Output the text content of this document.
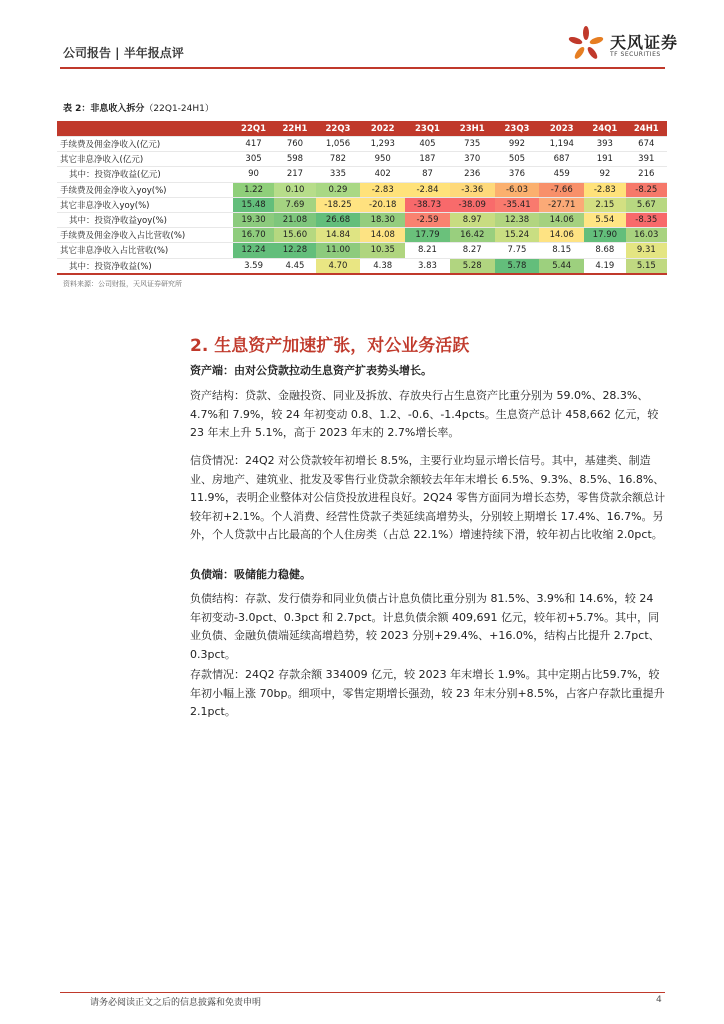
公司报告 | 半年报点评
天风证券
TF SECURITIES
表 2：非息收入拆分（22Q1-24H1）
	22Q1	22H1	22Q3	2022	23Q1	23H1	23Q3	2023	24Q1	24H1
手续费及佣金净收入(亿元)	417	760	1,056	1,293	405	735	992	1,194	393	674
其它非息净收入(亿元)	305	598	782	950	187	370	505	687	191	391
其中：投资净收益(亿元)	90	217	335	402	87	236	376	459	92	216
手续费及佣金净收入yoy(%)	1.22	0.10	0.29	-2.83	-2.84	-3.36	-6.03	-7.66	-2.83	-8.25
其它非息净收入yoy(%)	15.48	7.69	-18.25	-20.18	-38.73	-38.09	-35.41	-27.71	2.15	5.67
其中：投资净收益yoy(%)	19.30	21.08	26.68	18.30	-2.59	8.97	12.38	14.06	5.54	-8.35
手续费及佣金净收入占比营收(%)	16.70	15.60	14.84	14.08	17.79	16.42	15.24	14.06	17.90	16.03
其它非息净收入占比营收(%)	12.24	12.28	11.00	10.35	8.21	8.27	7.75	8.15	8.68	9.31
其中：投资净收益(%)	3.59	4.45	4.70	4.38	3.83	5.28	5.78	5.44	4.19	5.15
资料来源：公司财报，天风证券研究所
2. 生息资产加速扩张，对公业务活跃
资产端：由对公贷款拉动生息资产扩表势头增长。
资产结构：贷款、金融投资、同业及拆放、存放央行占生息资产比重分别为 59.0%、28.3%、4.7%和 7.9%，较 24 年初变动 0.8、1.2、-0.6、-1.4pcts。生息资产总计 458,662 亿元，较 23 年末上升 5.1%，高于 2023 年末的 2.7%增长率。
信贷情况：24Q2 对公贷款较年初增长 8.5%，主要行业均显示增长信号。其中，基建类、制造业、房地产、建筑业、批发及零售行业贷款余额较去年年末增长 6.5%、9.3%、8.5%、16.8%、11.9%，表明企业整体对公信贷投放进程良好。2Q24 零售方面同为增长态势，零售贷款余额总计较年初+2.1%。个人消费、经营性贷款子类延续高增势头，分别较上期增长 17.4%、16.7%。另外，个人贷款中占比最高的个人住房类（占总 22.1%）增速持续下滑，较年初占比收缩 2.0pct。
负债端：吸储能力稳健。
负债结构：存款、发行债券和同业负债占计息负债比重分别为 81.5%、3.9%和 14.6%，较 24 年初变动-3.0pct、0.3pct 和 2.7pct。计息负债余额 409,691 亿元，较年初+5.7%。其中，同业负债、金融负债端延续高增趋势，较 2023 分别+29.4%、+16.0%，结构占比提升 2.7pct、0.3pct。
存款情况：24Q2 存款余额 334009 亿元，较 2023 年末增长 1.9%。其中定期占比59.7%，较年初小幅上涨 70bp。细项中，零售定期增长强劲，较 23 年末分别+8.5%，占客户存款比重提升 2.1pct。
请务必阅读正文之后的信息披露和免责申明	4
